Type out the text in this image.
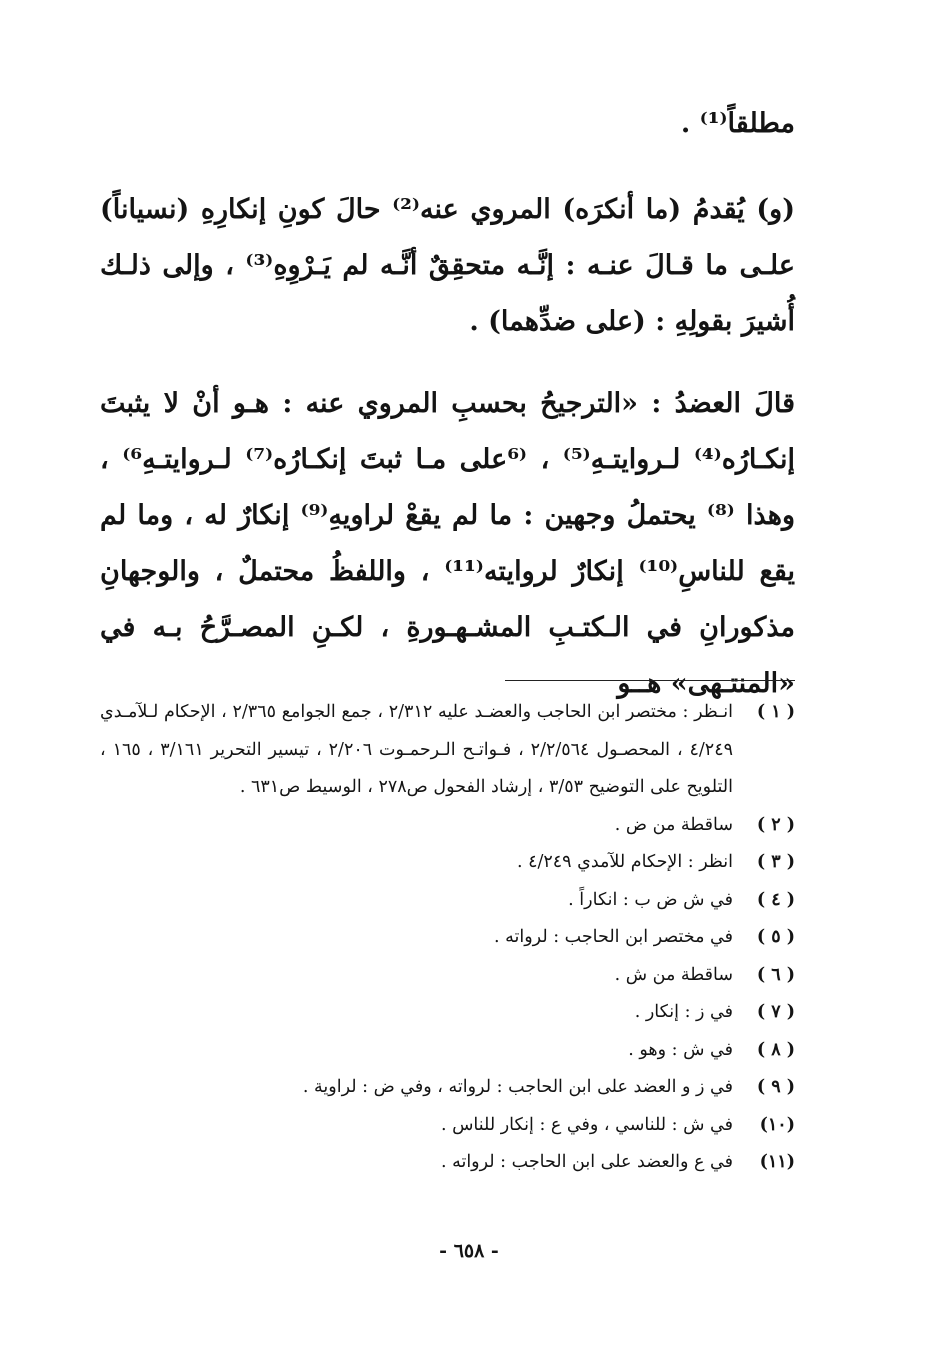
مطلقاً⁽¹⁾ .

(و) يُقدمُ (ما أنكرَه) المروي عنه⁽²⁾ حالَ كونِ إنكارِهِ (نسياناً) علـى ما قـالَ عنـه : إنَّـه متحقِقٌ أنَّـه لم يَـرْوِهِ⁽³⁾ ، وإلى ذلـك أُشيرَ بقولِهِ : (على ضدِّهما) .

قالَ العضدُ : «الترجيحُ بحسبِ المروي عنه : هـو أنْ لا يثبتَ إنكـارُه⁽⁴⁾ لـروايتـهِ⁽⁵⁾ ، ⁽⁶على مـا ثبتَ إنكـارُه⁽⁷⁾ لـروايتـهِ⁶⁾ ، وهذا ⁽⁸⁾ يحتملُ وجهين : ما لم يقعْ لراويهِ⁽⁹⁾ إنكارٌ له ، وما لم يقع للناسِ⁽¹⁰⁾ إنكارٌ لروايته⁽¹¹⁾ ، واللفظُ محتملٌ ، والوجهانِ مذكورانِ في الـكتـبِ المشـهـورةِ ، لكـنِ المصـرَّحُ بـه في «المنتـهى» هــو

( ١ )
انـظر : مختصر ابن الحاجب والعضـد عليه ٢/٣١٢ ، جمع الجوامع ٢/٣٦٥ ، الإحكام لـلآمـدي ٤/٢٤٩ ، المحصـول ٢/٢/٥٦٤ ، فـواتـح الـرحمـوت ٢/٢٠٦ ، تيسير التحرير ٣/١٦١ ، ١٦٥ ، التلويح على التوضيح ٣/٥٣ ، إرشاد الفحول ص٢٧٨ ، الوسيط ص٦٣١ .
( ٢ )
ساقطة من ض .
( ٣ )
انظر : الإحكام للآمدي ٤/٢٤٩ .
( ٤ )
في ش ض ب : انكاراً .
( ٥ )
في مختصر ابن الحاجب : لرواته .
( ٦ )
ساقطة من ش .
( ٧ )
في ز : إنكار .
( ٨ )
في ش : وهو .
( ٩ )
في ز و العضد على ابن الحاجب : لرواته ، وفي ض : لراوية .
(١٠)
في ش : للناسي ، وفي ع : إنكار للناس .
(١١)
في ع والعضد على ابن الحاجب : لرواته .
- ٦٥٨ -
